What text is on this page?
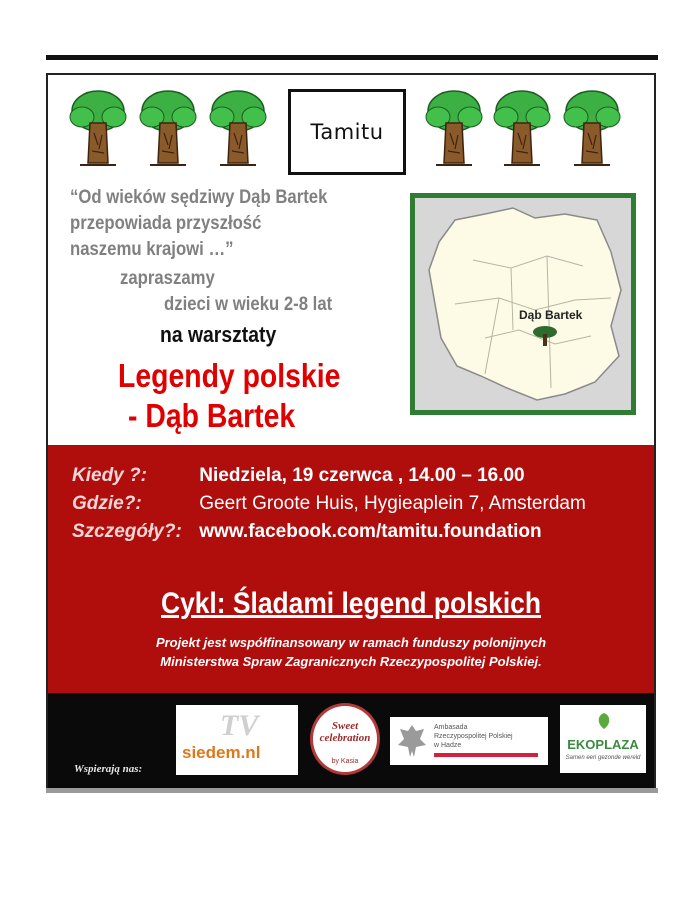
Tamitu
“Od wieków sędziwy Dąb Bartek
przepowiada przyszłość
naszemu krajowi …”
zapraszamy
dzieci w wieku 2-8 lat
na warsztaty
Legendy polskie
- Dąb Bartek
Dąb Bartek
Kiedy ?:	Niedziela, 19 czerwca , 14.00 – 16.00
Gdzie?:	Geert Groote Huis, Hygieaplein 7, Amsterdam
Szczegóły?: www.facebook.com/tamitu.foundation
Cykl: Śladami legend polskich
Projekt jest współfinansowany w ramach funduszy polonijnych
Ministerstwa Spraw Zagranicznych Rzeczypospolitej Polskiej.
Wspierają nas:
TV
siedem.nl
Sweet celebration
by Kasia
Ambasada
Rzeczypospolitej Polskiej
w Hadze	EKOPLAZA
Samen een gezonde wereld
